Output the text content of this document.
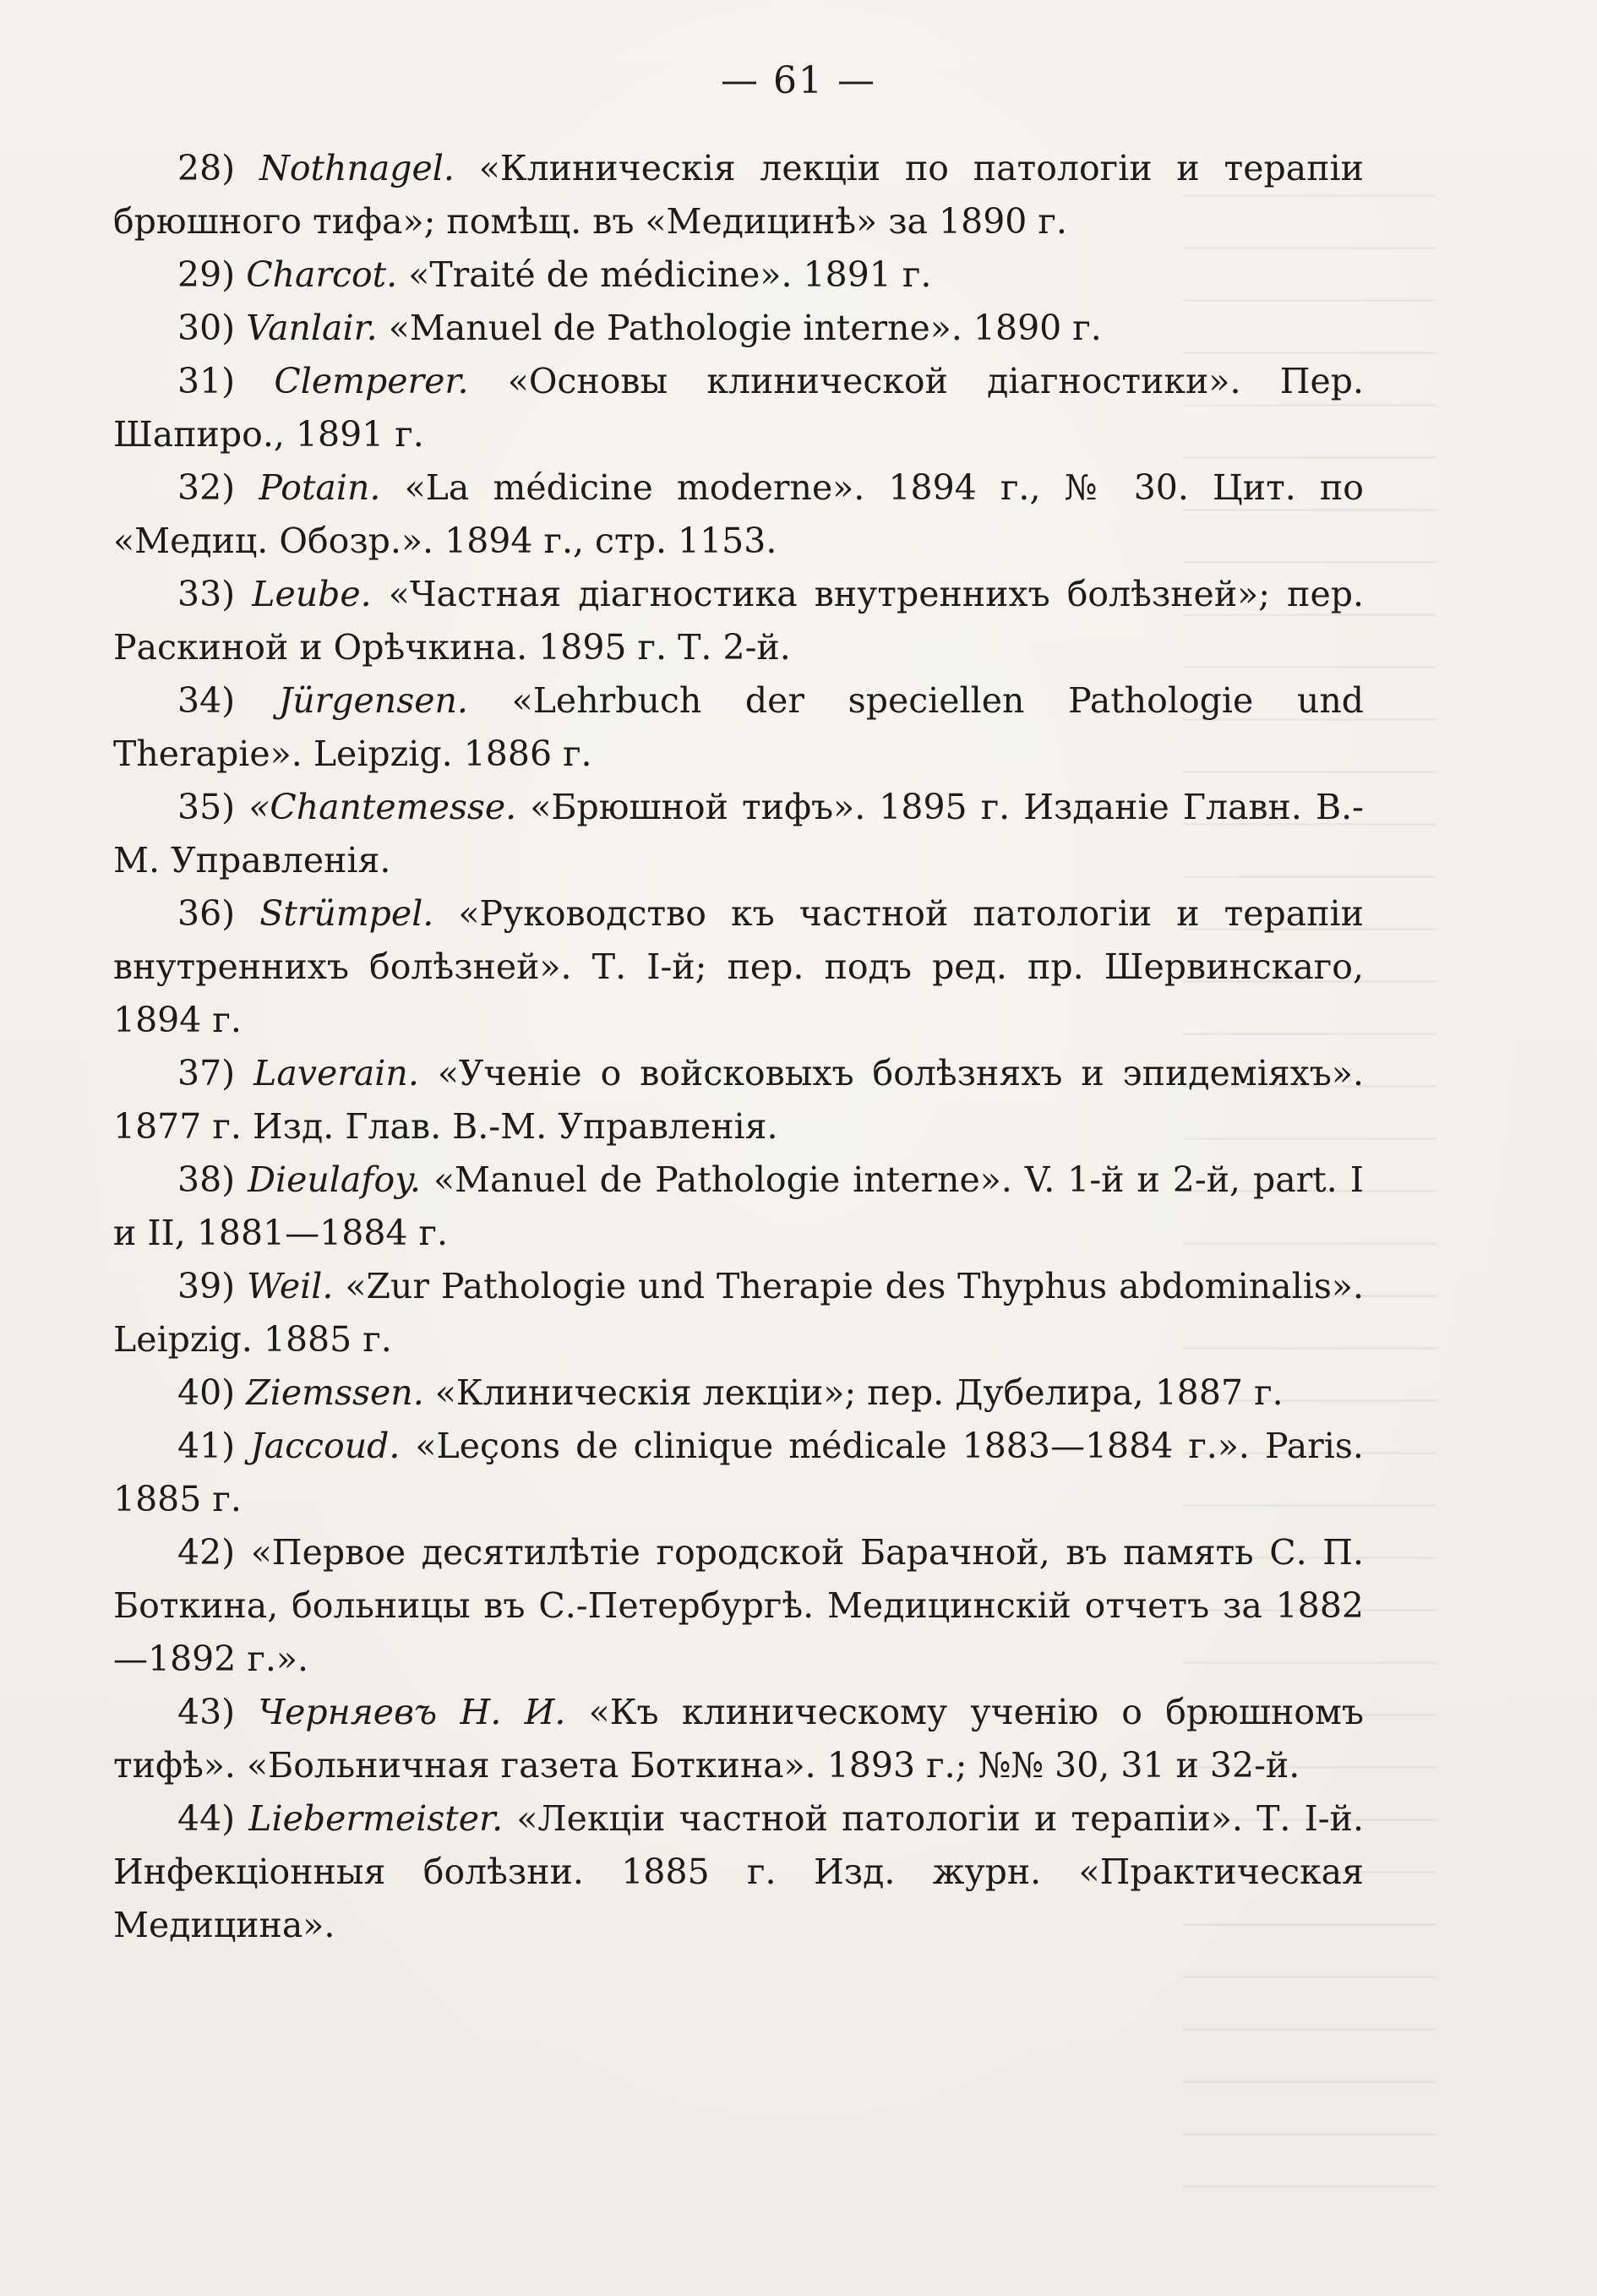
— 61 —

28) Nothnagel. «Клиническія лекціи по патологіи и терапіи брюшного тифа»; помѣщ. въ «Медицинѣ» за 1890 г.

29) Charcot. «Traité de médicine». 1891 г.

30) Vanlair. «Manuel de Pathologie interne». 1890 г.

31) Clemperer. «Основы клинической діагностики». Пер. Шапиро., 1891 г.

32) Potain. «La médicine moderne». 1894 г., № 30. Цит. по «Медиц. Обозр.». 1894 г., стр. 1153.

33) Leube. «Частная діагностика внутреннихъ болѣзней»; пер. Раскиной и Орѣчкина. 1895 г. Т. 2-й.

34) Jürgensen. «Lehrbuch der speciellen Pathologie und Therapie». Leipzig. 1886 г.

35) «Chantemesse. «Брюшной тифъ». 1895 г. Изданіе Главн. В.-М. Управленія.

36) Strümpel. «Руководство къ частной патологіи и терапіи внутреннихъ болѣзней». Т. I-й; пер. подъ ред. пр. Шервинскаго, 1894 г.

37) Laverain. «Ученіе о войсковыхъ болѣзняхъ и эпидеміяхъ». 1877 г. Изд. Глав. В.-М. Управленія.

38) Dieulafoy. «Manuel de Pathologie interne». V. 1-й и 2-й, part. I и II, 1881—1884 г.

39) Weil. «Zur Pathologie und Therapie des Thyphus abdominalis». Leipzig. 1885 г.

40) Ziemssen. «Клиническія лекціи»; пер. Дубелира, 1887 г.

41) Jaccoud. «Leçons de clinique médicale 1883—1884 г.». Paris. 1885 г.

42) «Первое десятилѣтіе городской Барачной, въ память С. П. Боткина, больницы въ С.-Петербургѣ. Медицинскій отчетъ за 1882—1892 г.».

43) Черняевъ Н. И. «Къ клиническому ученію о брюшномъ тифѣ». «Больничная газета Боткина». 1893 г.; №№ 30, 31 и 32-й.

44) Liebermeister. «Лекціи частной патологіи и терапіи». Т. I-й. Инфекціонныя болѣзни. 1885 г. Изд. журн. «Практическая Медицина».
